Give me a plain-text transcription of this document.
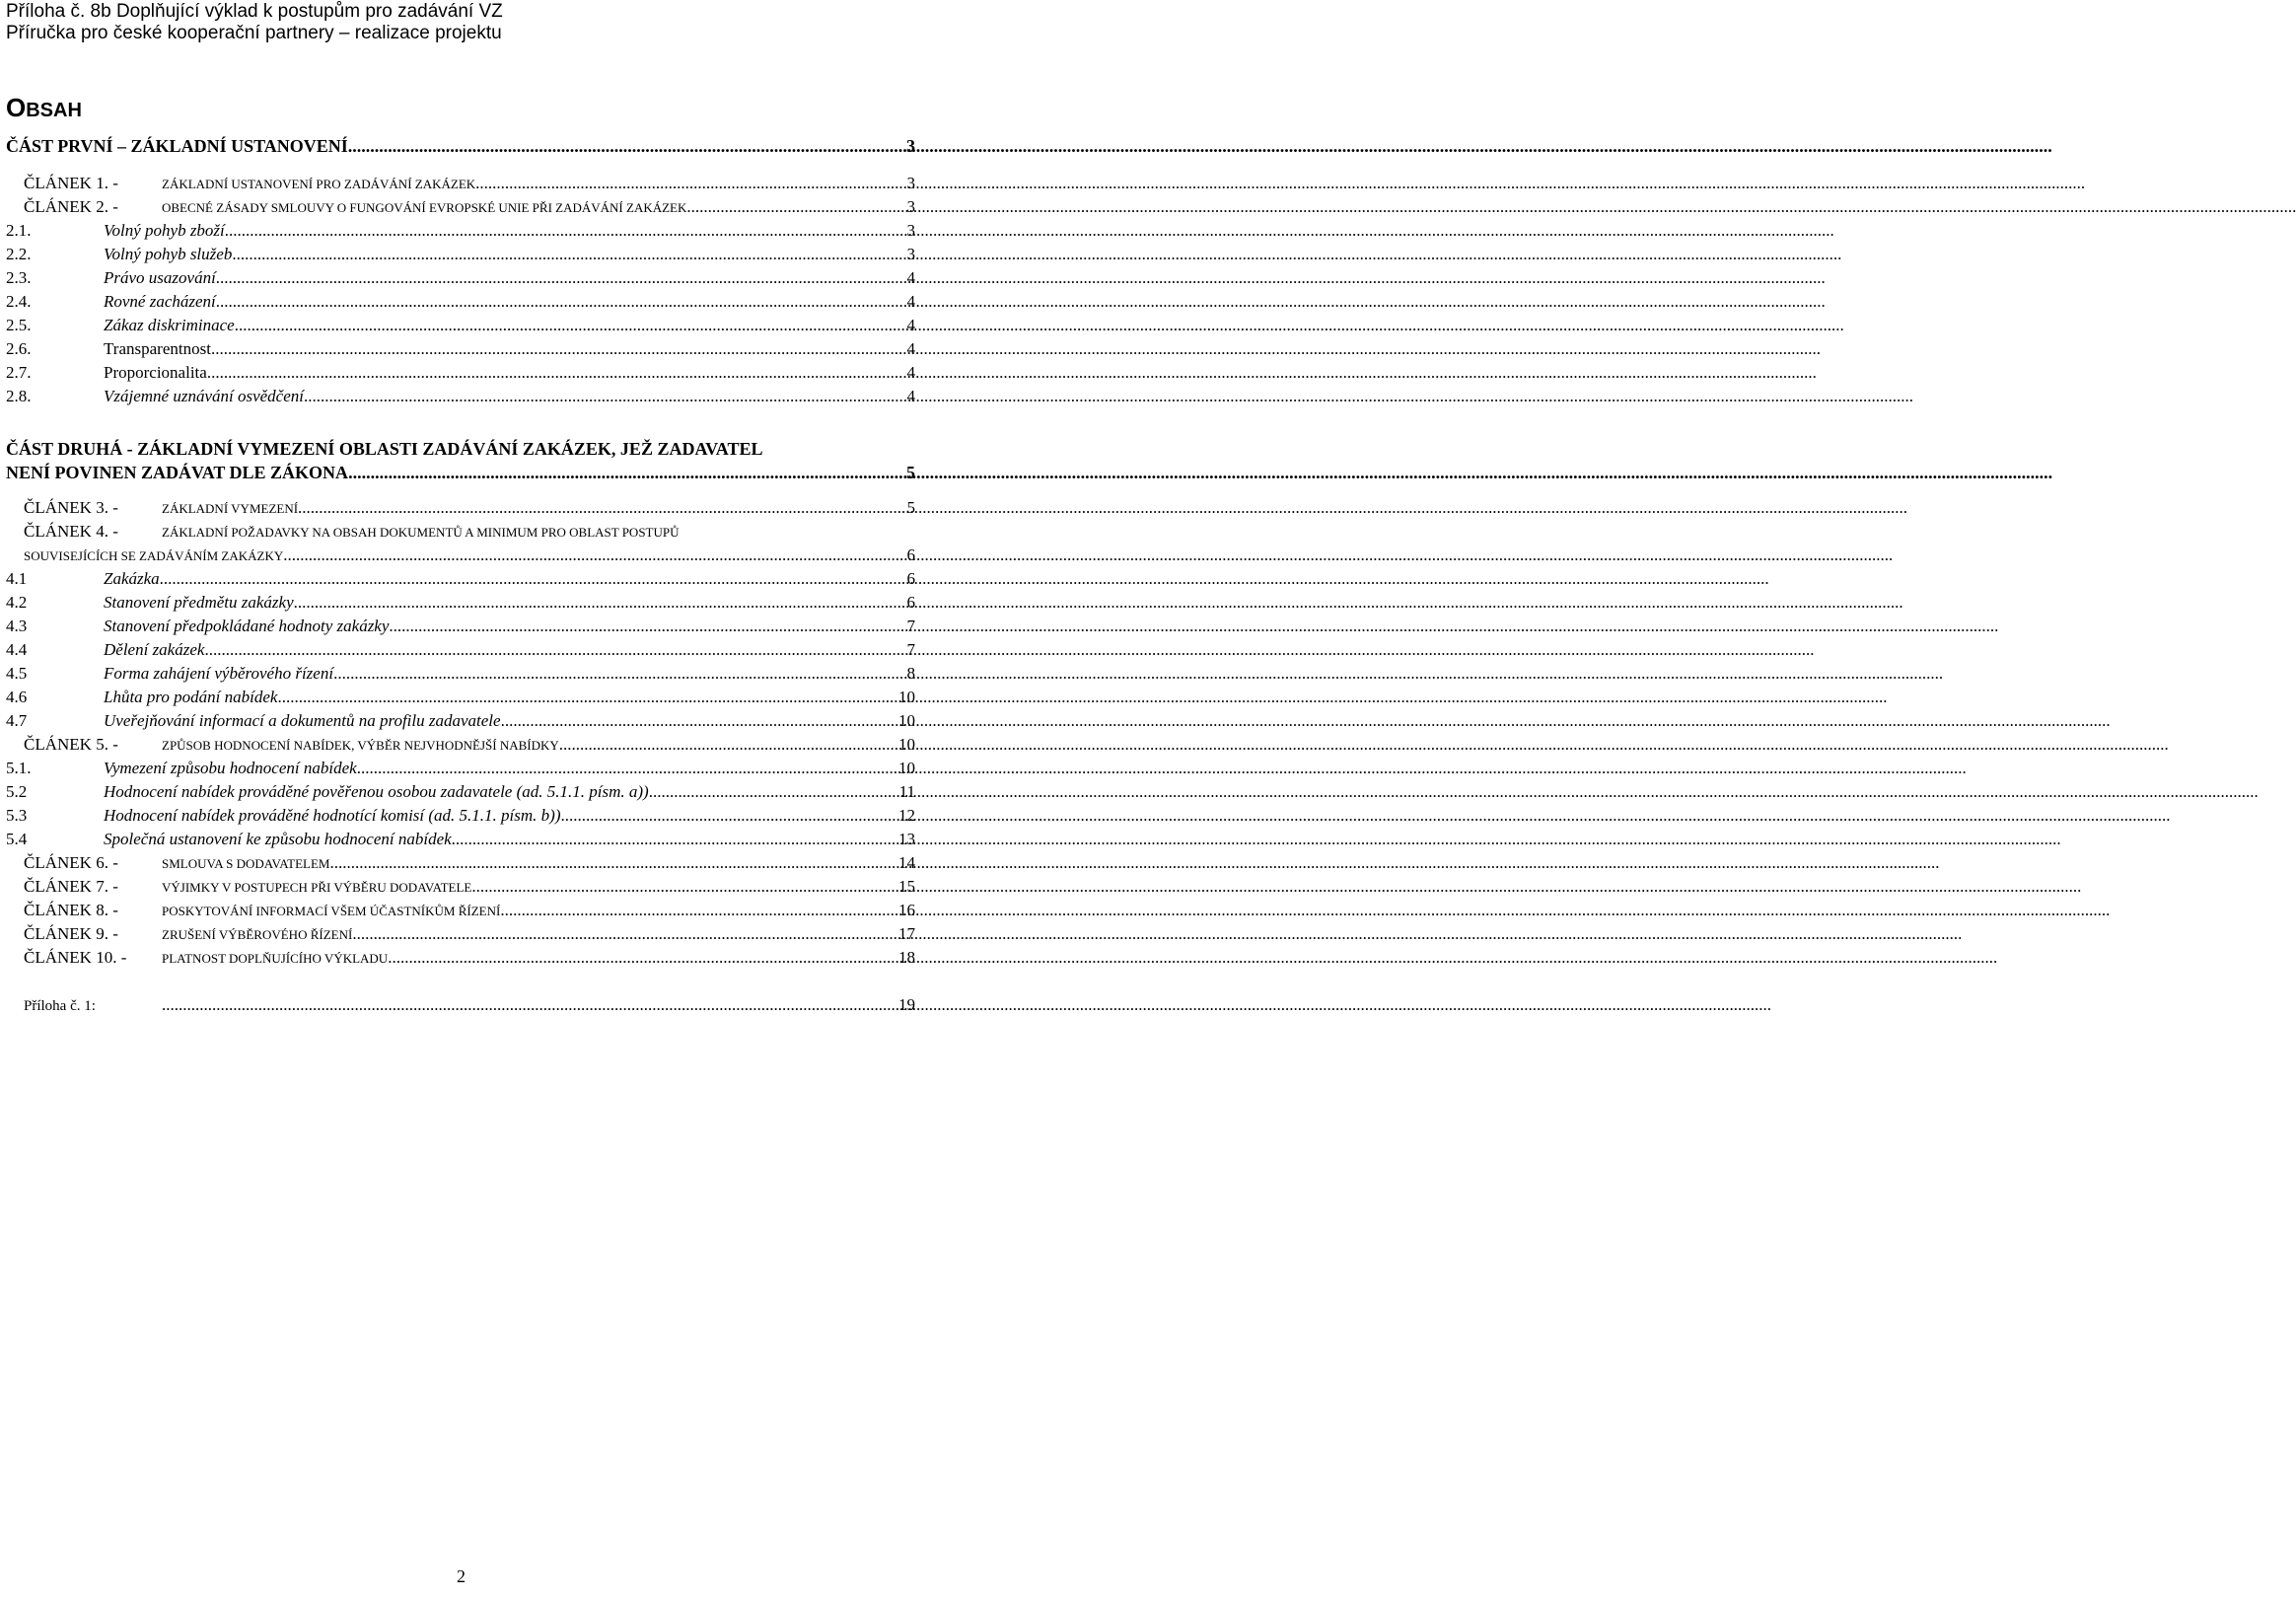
Příloha č. 8b Doplňující výklad k postupům pro zadávání VZ
Příručka pro české kooperační partnery – realizace projektu
OBSAH
ČÁST PRVNÍ – ZÁKLADNÍ USTANOVENÍ .....	3
ČLÁNEK 1. -	ZÁKLADNÍ USTANOVENÍ PRO ZADÁVÁNÍ ZAKÁZEK .....	3
ČLÁNEK 2. -	OBECNÉ ZÁSADY SMLOUVY O FUNGOVÁNÍ EVROPSKÉ UNIE PŘI ZADÁVÁNÍ ZAKÁZEK .....	3
2.1.	Volný pohyb zboží .....	3
2.2.	Volný pohyb služeb .....	3
2.3.	Právo usazování .....	4
2.4.	Rovné zacházení .....	4
2.5.	Zákaz diskriminace .....	4
2.6.	Transparentnost .....	4
2.7.	Proporcionalita .....	4
2.8.	Vzájemné uznávání osvědčení .....	4
ČÁST DRUHÁ - ZÁKLADNÍ VYMEZENÍ OBLASTI ZADÁVÁNÍ ZAKÁZEK, JEŽ ZADAVATEL
NENÍ POVINEN ZADÁVAT DLE ZÁKONA .....	5
ČLÁNEK 3. -	ZÁKLADNÍ VYMEZENÍ .....	5
ČLÁNEK 4. -	ZÁKLADNÍ POŽADAVKY NA OBSAH DOKUMENTŮ A MINIMUM PRO OBLAST POSTUPŮ
SOUVISEJÍCÍCH SE ZADÁVÁNÍM ZAKÁZKY .....	6
4.1	Zakázka .....	6
4.2	Stanovení předmětu zakázky .....	6
4.3	Stanovení předpokládané hodnoty zakázky .....	7
4.4	Dělení zakázek .....	7
4.5	Forma zahájení výběrového řízení .....	8
4.6	Lhůta pro podání nabídek .....	10
4.7	Uveřejňování informací a dokumentů na profilu zadavatele .....	10
ČLÁNEK 5. -	ZPŮSOB HODNOCENÍ NABÍDEK, VÝBĚR NEJVHODNĚJŠÍ NABÍDKY .....	10
5.1.	Vymezení způsobu hodnocení nabídek .....	10
5.2	Hodnocení nabídek prováděné pověřenou osobou zadavatele (ad. 5.1.1. písm. a)) .....	11
5.3	Hodnocení nabídek prováděné hodnotící komisí (ad. 5.1.1. písm. b)) .....	12
5.4	Společná ustanovení ke způsobu hodnocení nabídek .....	13
ČLÁNEK 6. -	SMLOUVA S DODAVATELEM .....	14
ČLÁNEK 7. -	VÝJIMKY V POSTUPECH PŘI VÝBĚRU DODAVATELE .....	15
ČLÁNEK 8. -	POSKYTOVÁNÍ INFORMACÍ VŠEM ÚČASTNÍKŮM ŘÍZENÍ .....	16
ČLÁNEK 9. -	ZRUŠENÍ VÝBĚROVÉHO ŘÍZENÍ .....	17
ČLÁNEK 10. -	PLATNOST DOPLŇUJÍCÍHO VÝKLADU .....	18
Příloha č. 1: .....	19
2
